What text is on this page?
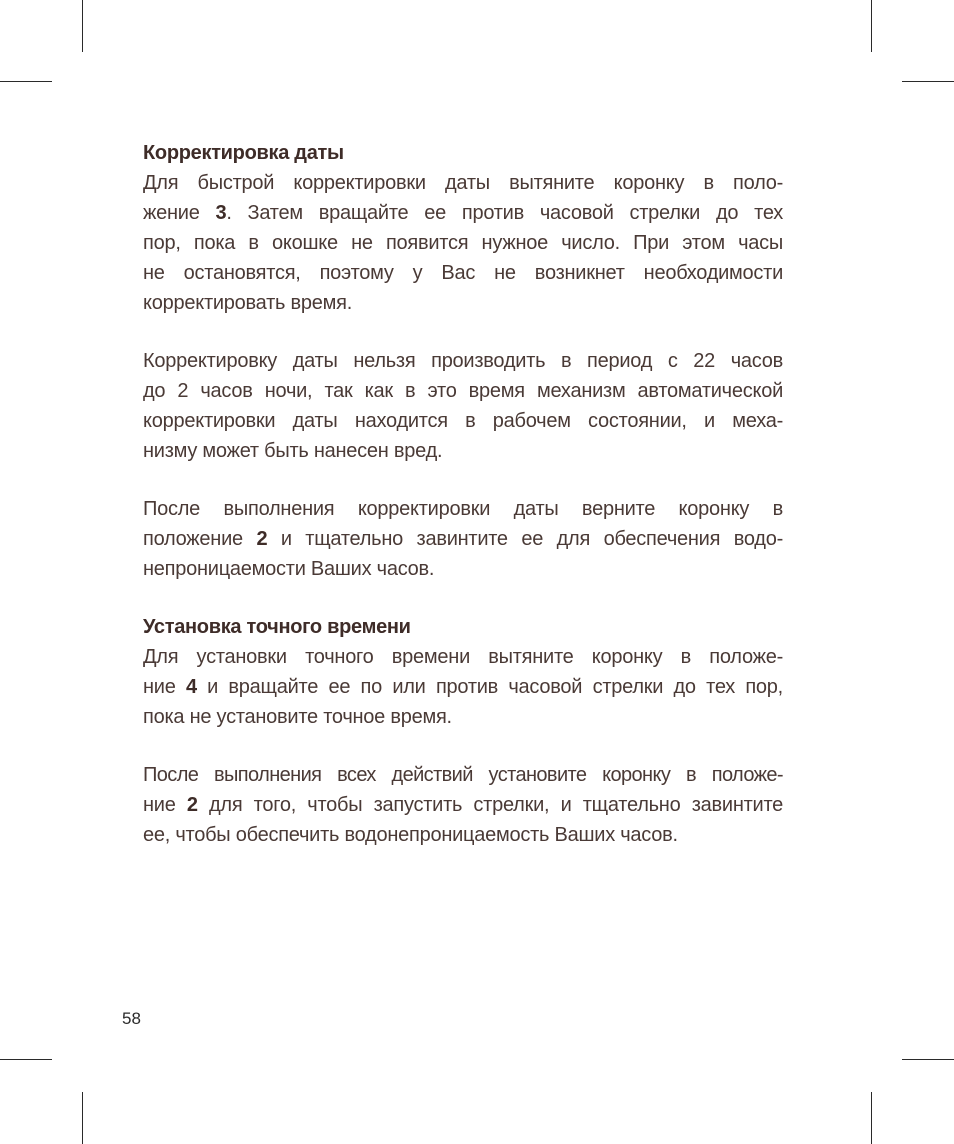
Корректировка даты
Для быстрой корректировки даты вытяните коронку в поло-
жение 3. Затем вращайте ее против часовой стрелки до тех
пор, пока в окошке не появится нужное число. При этом часы
не остановятся, поэтому у Вас не возникнет необходимости
корректировать время.
Корректировку даты нельзя производить в период с 22 часов
до 2 часов ночи, так как в это время механизм автоматической
корректировки даты находится в рабочем состоянии, и меха-
низму может быть нанесен вред.
После выполнения корректировки даты верните коронку в
положение 2 и тщательно завинтите ее для обеспечения водо-
непроницаемости Ваших часов.
Установка точного времени
Для установки точного времени вытяните коронку в положе-
ние 4 и вращайте ее по или против часовой стрелки до тех пор,
пока не установите точное время.
После выполнения всех действий установите коронку в положе-
ние 2 для того, чтобы запустить стрелки, и тщательно завинтите
ее, чтобы обеспечить водонепроницаемость Ваших часов.
58
